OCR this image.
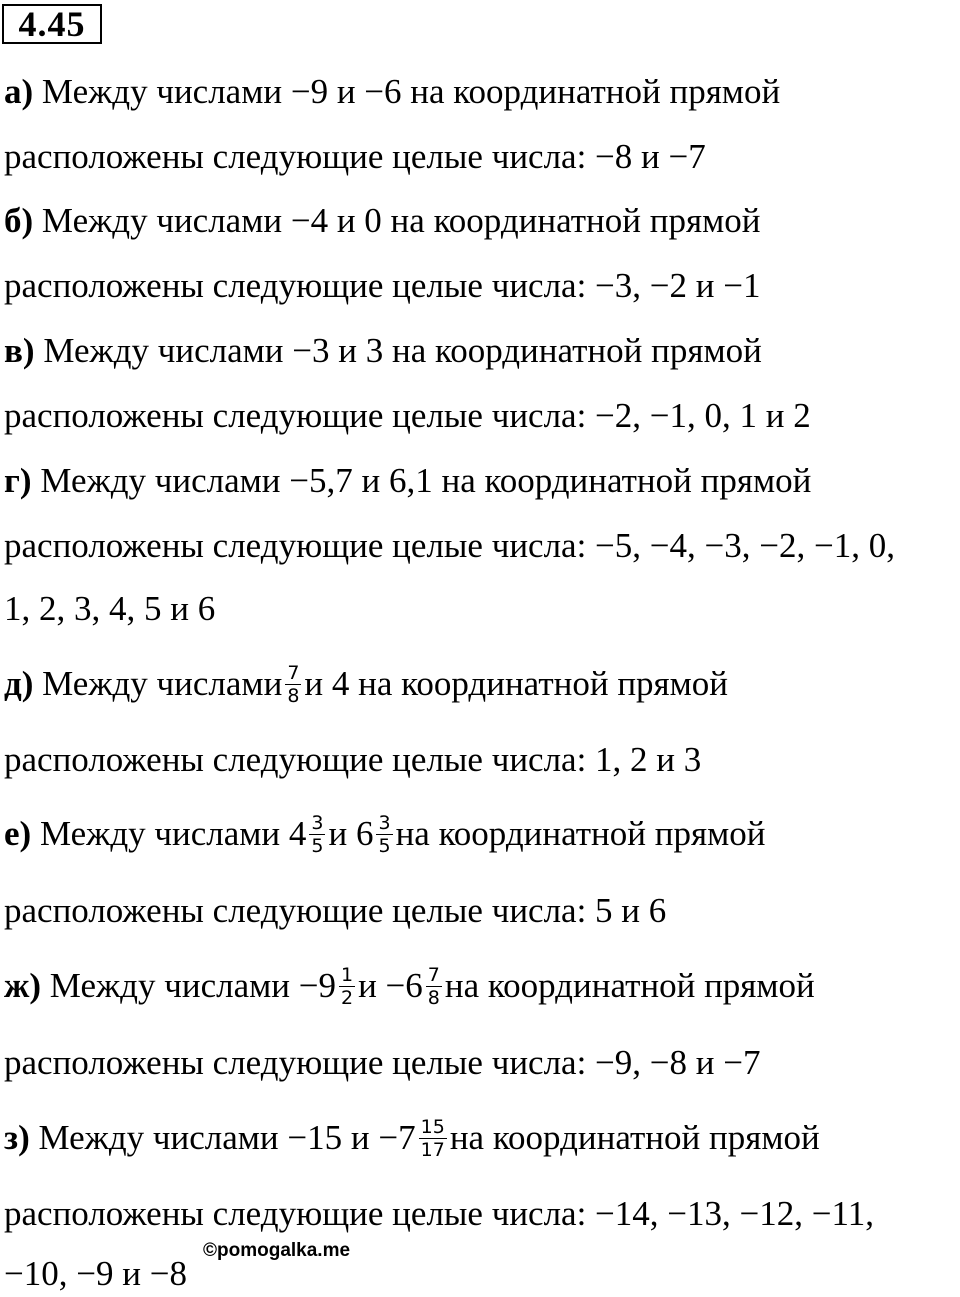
4.45
а) Между числами −9 и −6 на координатной прямой
расположены следующие целые числа: −8 и −7
б) Между числами −4 и 0 на координатной прямой
расположены следующие целые числа: −3, −2 и −1
в) Между числами −3 и 3 на координатной прямой
расположены следующие целые числа: −2, −1, 0, 1 и 2
г) Между числами −5,7 и 6,1 на координатной прямой
расположены следующие целые числа: −5, −4, −3, −2, −1, 0,
1, 2, 3, 4, 5 и 6
д) Между числами $\frac{7}{8}$ и 4 на координатной прямой
расположены следующие целые числа: 1, 2 и 3
е) Между числами $4 \frac{3}{5}$ и $6 \frac{3}{5}$ на координатной прямой
расположены следующие целые числа: 5 и 6
ж) Между числами $-9 \frac{1}{2}$ $и -6 \frac{7}{8}$ на координатной прямой
расположены следующие целые числа: −9, −8 и −7
з) Между числами −15 $и -7 \frac{15}{17}$ на координатной прямой
расположены следующие целые числа: −14, −13, −12, −11,
−10, −9 и −8
©pomogalka.me
